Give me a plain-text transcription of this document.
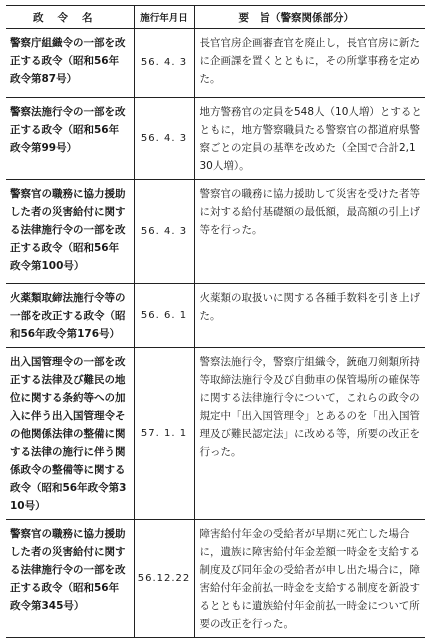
政令名	施行年月日	要　旨（警察関係部分）
警察庁組織令の一部を改正する政令（昭和56年政令第87号）	56. 4. 3	長官官房企画審査官を廃止し，長官官房に新たに企画課を置くとともに，その所掌事務を定めた。
警察法施行令の一部を改正する政令（昭和56年政令第99号）	56. 4. 3	地方警務官の定員を548人（10人増）とするとともに，地方警察職員たる警察官の都道府県警察ごとの定員の基準を改めた（全国で合計2,130人増）。
警察官の職務に協力援助した者の災害給付に関する法律施行令の一部を改正する政令（昭和56年政令第100号）	56. 4. 3	警察官の職務に協力援助して災害を受けた者等に対する給付基礎額の最低額，最高額の引上げ等を行った。
火薬類取締法施行令等の一部を改正する政令（昭和56年政令第176号）	56. 6. 1	火薬類の取扱いに関する各種手数料を引き上げた。
出入国管理令の一部を改正する法律及び難民の地位に関する条約等への加入に伴う出入国管理令その他関係法律の整備に関する法律の施行に伴う関係政令の整備等に関する政令（昭和56年政令第310号）	57. 1. 1	警察法施行令，警察庁組織令，銃砲刀剣類所持等取締法施行令及び自動車の保管場所の確保等に関する法律施行令について，これらの政令の規定中「出入国管理令」とあるのを「出入国管理及び難民認定法」に改める等，所要の改正を行った。
警察官の職務に協力援助した者の災害給付に関する法律施行令の一部を改正する政令（昭和56年政令第345号）	56.12.22	障害給付年金の受給者が早期に死亡した場合に，遺族に障害給付年金差額一時金を支給する制度及び同年金の受給者が申し出た場合に，障害給付年金前払一時金を支給する制度を新設するとともに遺族給付年金前払一時金について所要の改正を行った。
